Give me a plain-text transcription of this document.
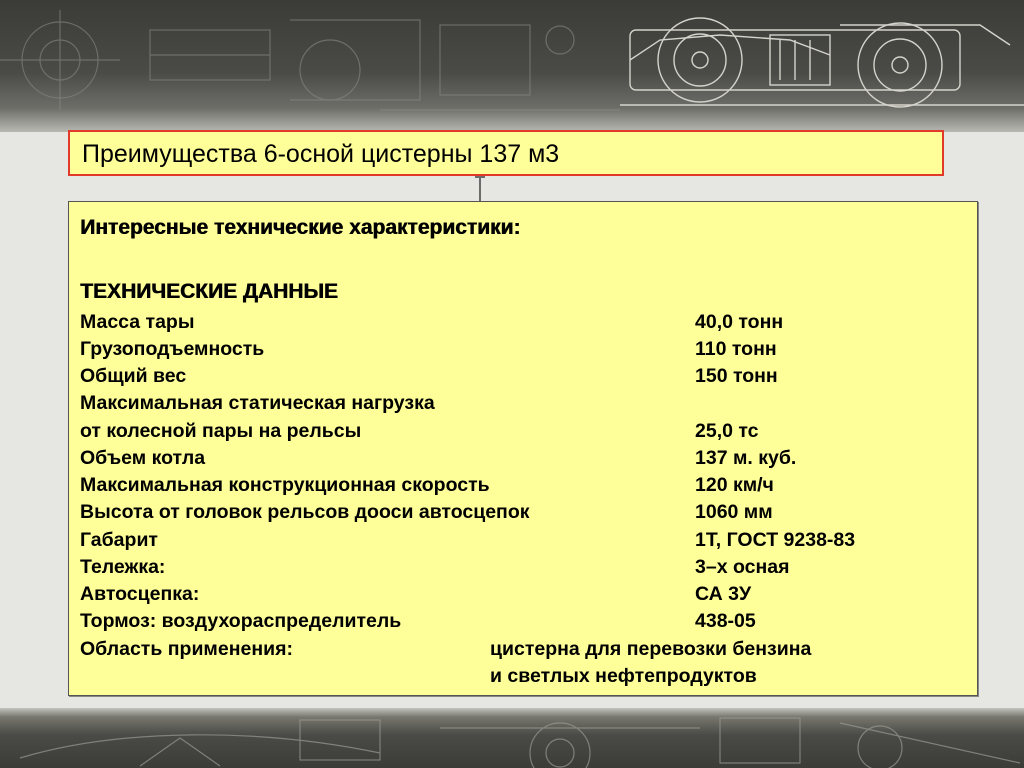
Преимущества 6-осной цистерны 137 м3
Интересные технические характеристики:
ТЕХНИЧЕСКИЕ ДАННЫЕ
Масса тары	40,0 тонн
Грузоподъемность	110 тонн
Общий вес	150 тонн
Максимальная статическая нагрузка
от колесной пары на рельсы	25,0 тс
Объем котла	137 м. куб.
Максимальная конструкционная скорость	120 км/ч
Высота от головок рельсов дооси автосцепок	1060 мм
Габарит	1Т, ГОСТ 9238-83
Тележка:	3–х осная
Автосцепка:	СА 3У
Тормоз: воздухораспределитель	438-05
Область применения:	цистерна для перевозки бензина
и светлых нефтепродуктов
